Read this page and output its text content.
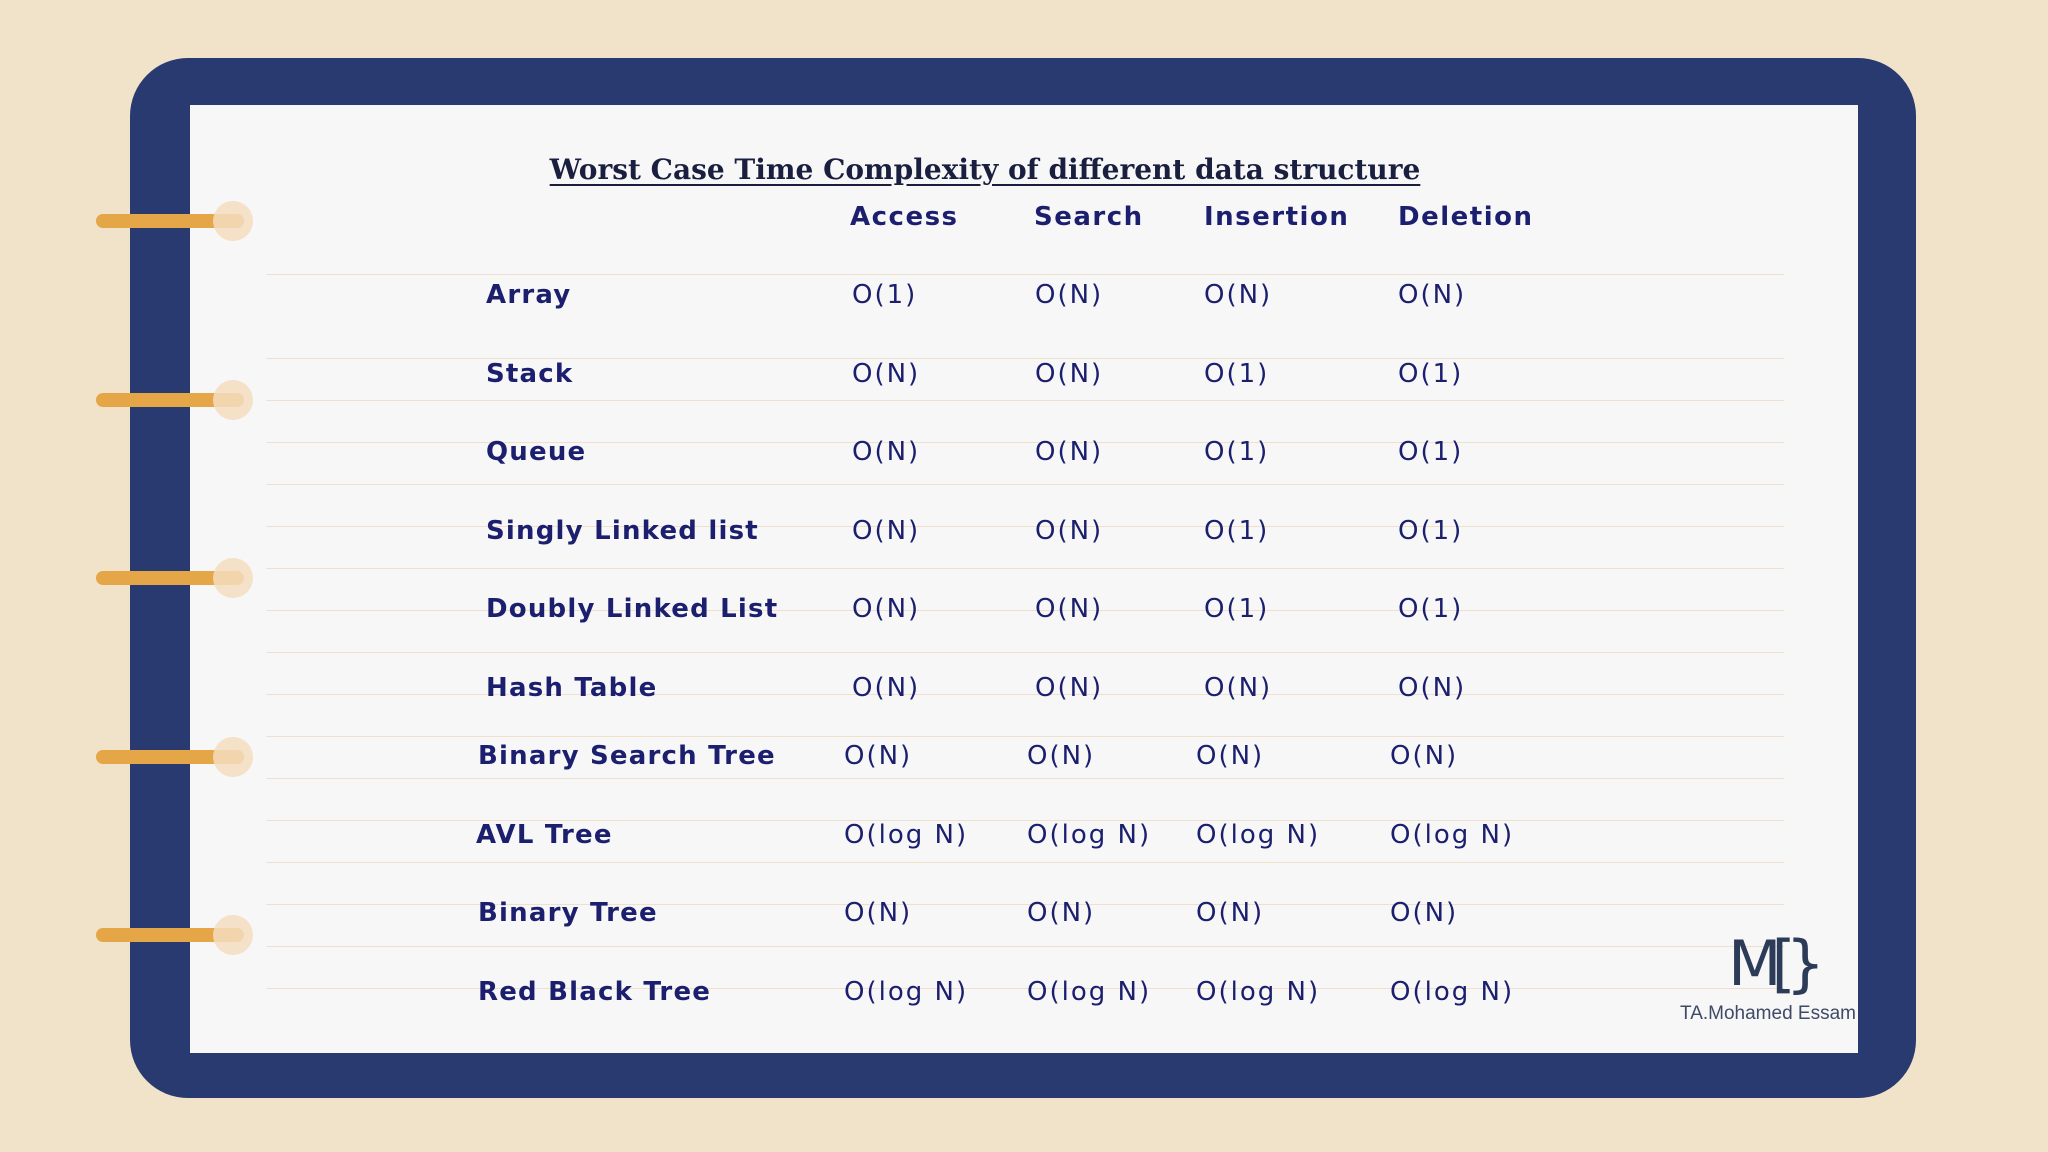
Worst Case Time Complexity of different data structure
Access	Search Insertion Deletion
Array	O(1)	O(N)	O(N)	O(N)
Stack	O(N)	O(N)	O(1)	O(1)
Queue	O(N)	O(N)	O(1)	O(1)
Singly Linked list	O(N)	O(N)	O(1)	O(1)
Doubly Linked List	O(N)	O(N)	O(1)	O(1)
Hash Table	O(N)	O(N)	O(N)	O(N)
Binary Search Tree	O(N)	O(N)	O(N)	O(N)
AVL Tree	O(log N) O(log N) O(log N)	O(log N)
Binary Tree	O(N)	O(N)	O(N)	O(N)
Red Black Tree	O(log N) O(log N) O(log N)	O(log N)	M[}
TA.Mohamed Essam
